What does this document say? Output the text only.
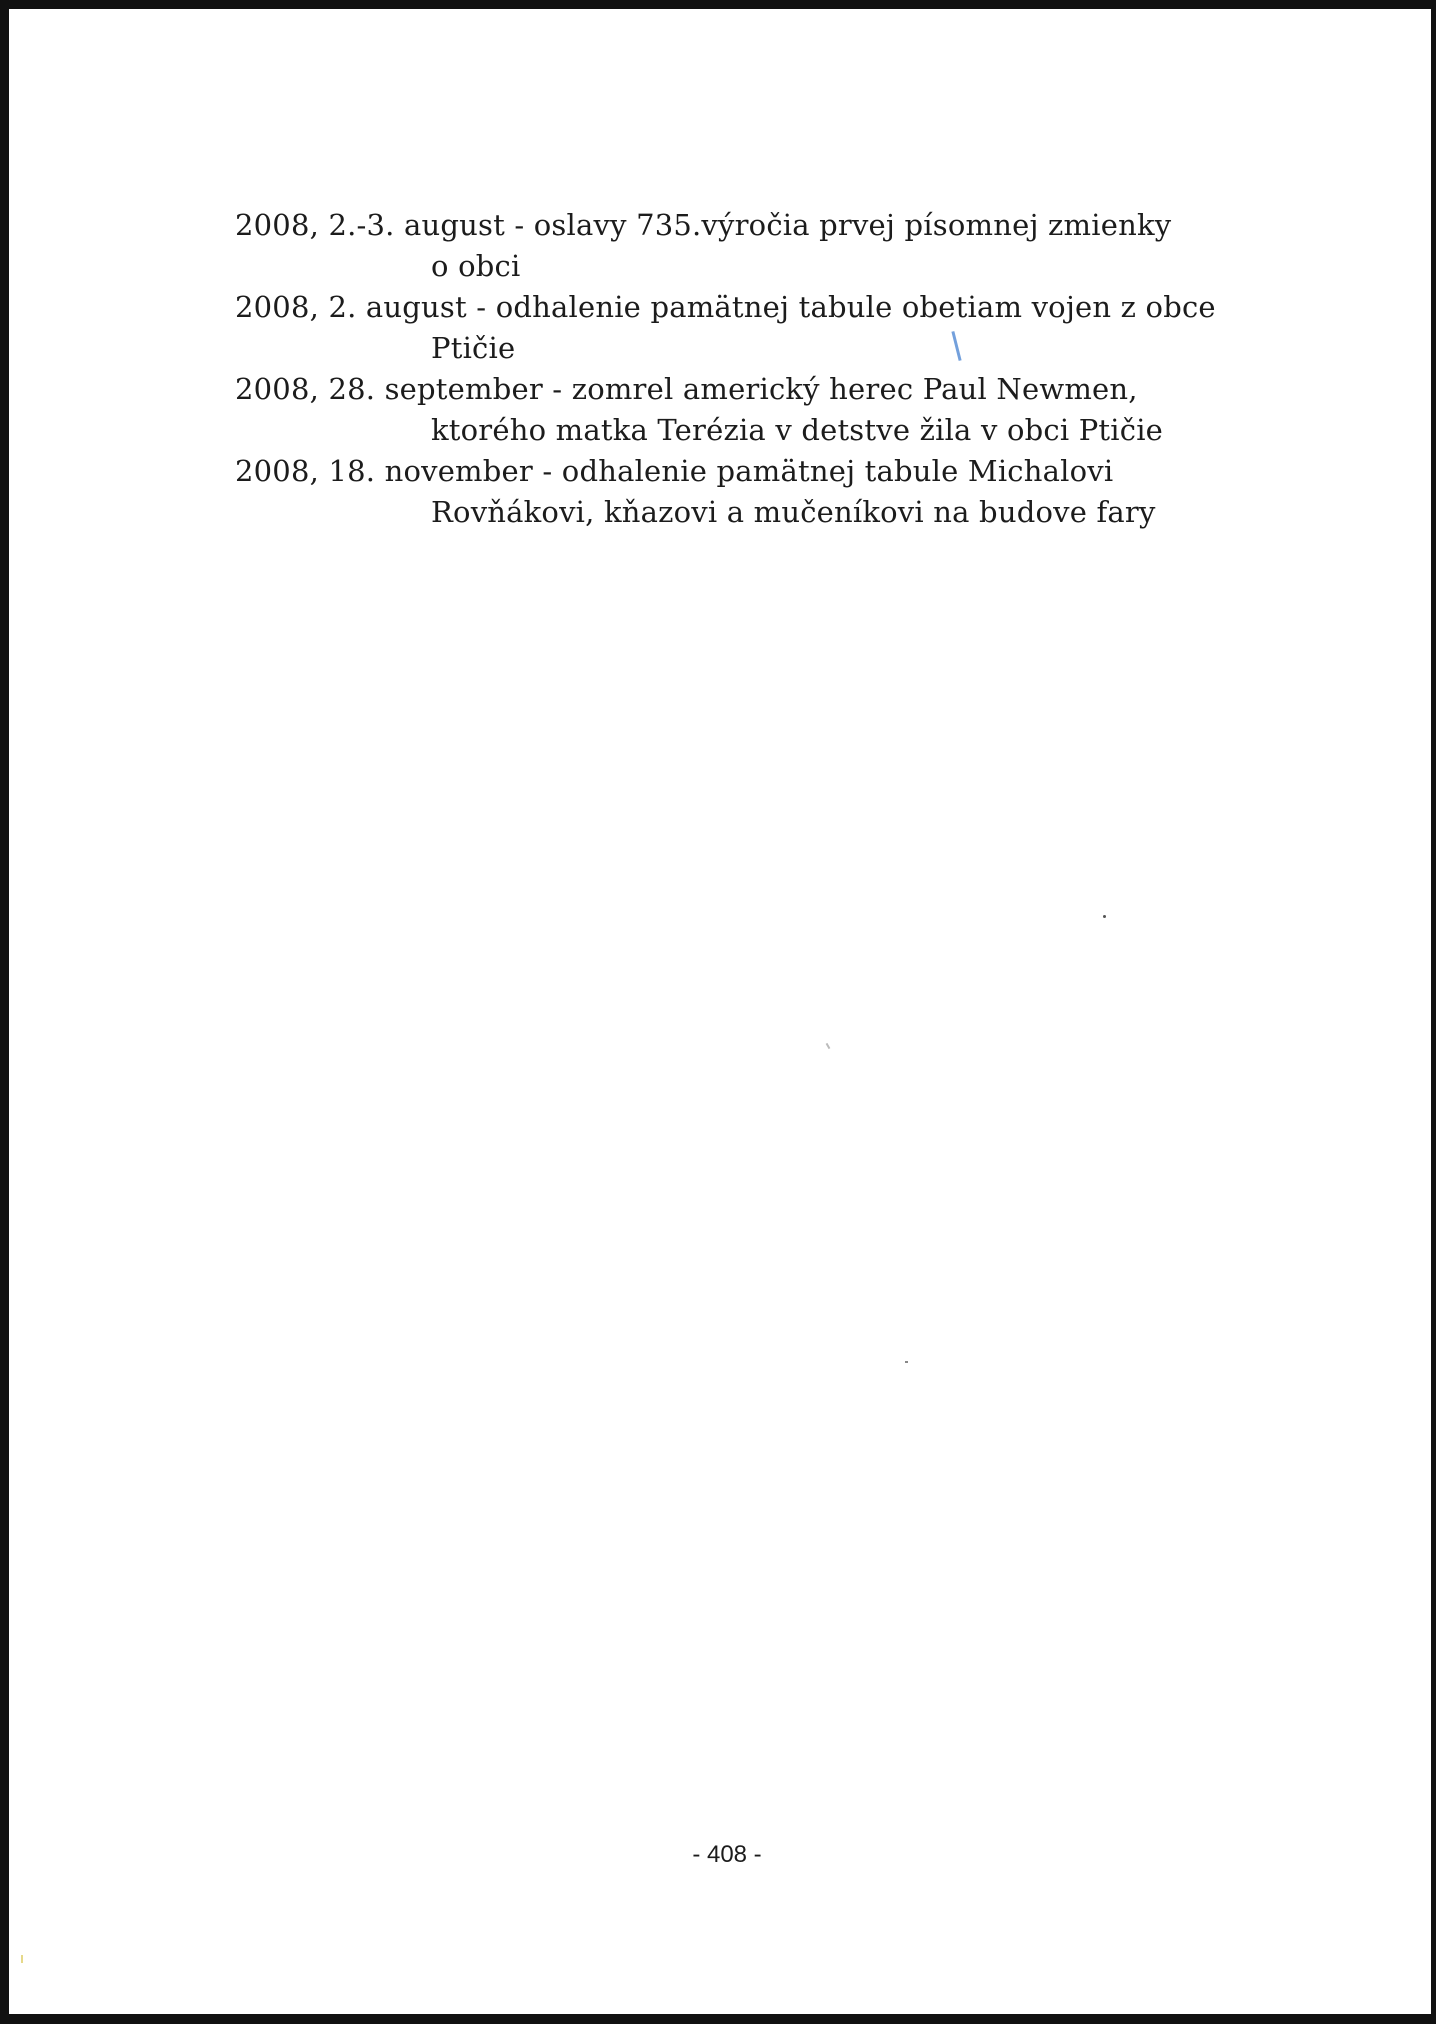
2008, 2.-3. august - oslavy 735.výročia prvej písomnej zmienky
o obci
2008, 2. august - odhalenie pamätnej tabule obetiam vojen z obce
Ptičie
2008, 28. september - zomrel americký herec Paul Newmen,
ktorého matka Terézia v detstve žila v obci Ptičie
2008, 18. november - odhalenie pamätnej tabule Michalovi
Rovňákovi, kňazovi a mučeníkovi na budove fary
- 408 -
